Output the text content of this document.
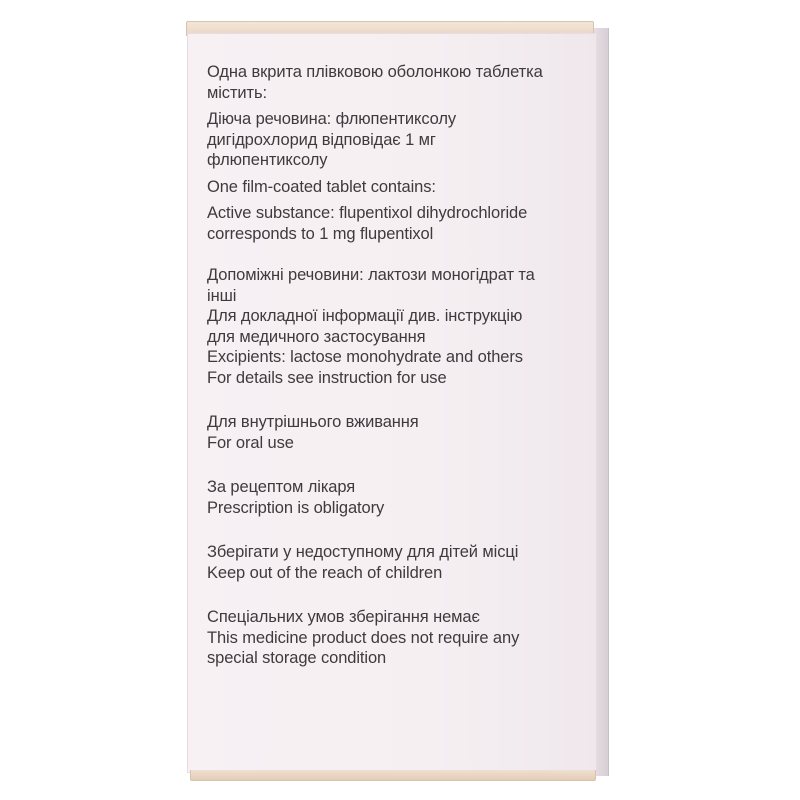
Одна вкрита плівковою оболонкою таблетка
містить:
Діюча речовина: флюпентиксолу
дигідрохлорид відповідає 1 мг
флюпентиксолу
One film-coated tablet contains:
Active substance: flupentixol dihydrochloride
corresponds to 1 mg flupentixol
Допоміжні речовини: лактози моногідрат та
інші
Для докладної інформації див. інструкцію
для медичного застосування
Excipients: lactose monohydrate and others
For details see instruction for use
Для внутрішнього вживання
For oral use
За рецептом лікаря
Prescription is obligatory
Зберігати у недоступному для дітей місці
Keep out of the reach of children
Спеціальних умов зберігання немає
This medicine product does not require any
special storage condition
